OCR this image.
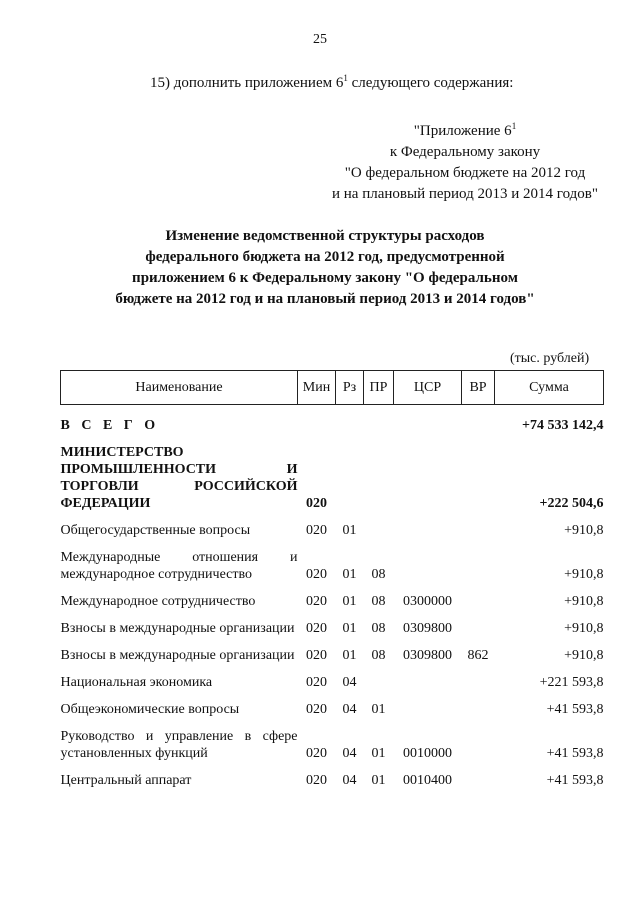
25
15) дополнить приложением $6^1$ следующего содержания:
"Приложение $6^1$
к Федеральному закону
"О федеральном бюджете на 2012 год
и на плановый период 2013 и 2014 годов"
Изменение ведомственной структуры расходов
федерального бюджета на 2012 год, предусмотренной
приложением 6 к Федеральному закону "О федеральном
бюджете на 2012 год и на плановый период 2013 и 2014 годов"
(тыс. рублей)
Наименование	Мин	Рз	ПР	ЦСР	ВР	Сумма
В С Е Г О						+74 533 142,4
МИНИСТЕРСТВО ПРОМЫШЛЕННОСТИ И ТОРГОВЛИ РОССИЙСКОЙ ФЕДЕРАЦИИ	020					+222 504,6
Общегосударственные вопросы	020	01				+910,8
Международные отношения и международное сотрудничество	020	01	08			+910,8
Международное сотрудничество	020	01	08	0300000		+910,8
Взносы в международные организации	020	01	08	0309800		+910,8
Взносы в международные организации	020	01	08	0309800	862	+910,8
Национальная экономика	020	04				+221 593,8
Общеэкономические вопросы	020	04	01			+41 593,8
Руководство и управление в сфере установленных функций	020	04	01	0010000		+41 593,8
Центральный аппарат	020	04	01	0010400		+41 593,8
